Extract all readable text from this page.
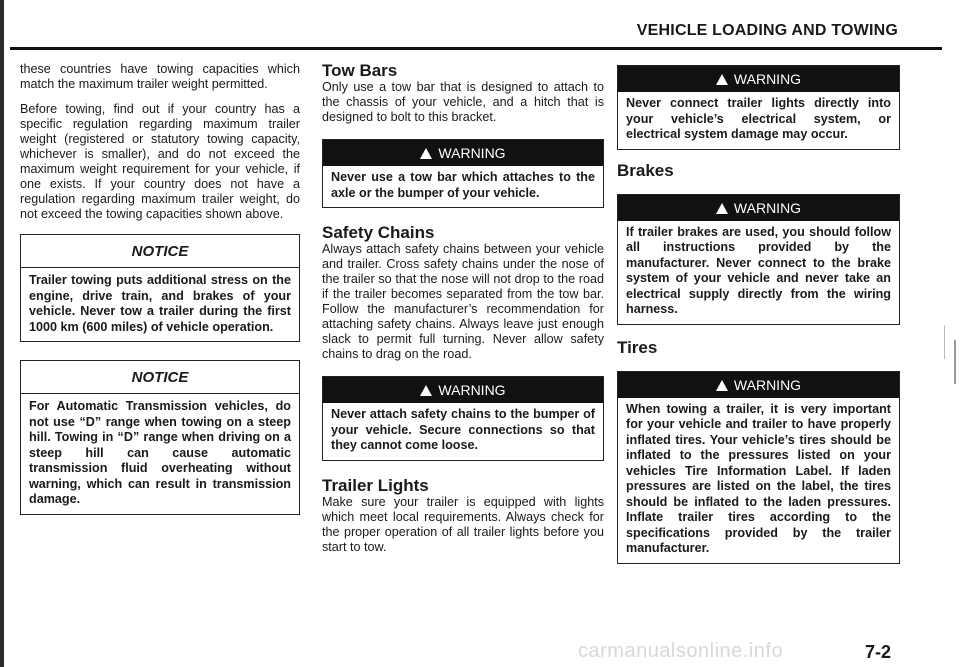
VEHICLE LOADING AND TOWING

these countries have towing capacities which match the maximum trailer weight permitted.

Before towing, find out if your country has a specific regulation regarding maximum trailer weight (registered or statutory towing capacity, whichever is smaller), and do not exceed the maximum weight requirement for your vehicle, if one exists. If your country does not have a regulation regarding maximum trailer weight, do not exceed the towing capacities shown above.

NOTICE
Trailer towing puts additional stress on the engine, drive train, and brakes of your vehicle. Never tow a trailer during the first 1000 km (600 miles) of vehicle operation.
NOTICE
For Automatic Transmission vehicles, do not use “D” range when towing on a steep hill. Towing in “D” range when driving on a steep hill can cause automatic transmission fluid overheating without warning, which can result in transmission damage.
Tow Bars

Only use a tow bar that is designed to attach to the chassis of your vehicle, and a hitch that is designed to bolt to this bracket.

WARNING
Never use a tow bar which attaches to the axle or the bumper of your vehicle.
Safety Chains

Always attach safety chains between your vehicle and trailer. Cross safety chains under the nose of the trailer so that the nose will not drop to the road if the trailer becomes separated from the tow bar. Follow the manufacturer’s recommendation for attaching safety chains. Always leave just enough slack to permit full turning. Never allow safety chains to drag on the road.

WARNING
Never attach safety chains to the bumper of your vehicle. Secure connections so that they cannot come loose.
Trailer Lights

Make sure your trailer is equipped with lights which meet local requirements. Always check for the proper operation of all trailer lights before you start to tow.

WARNING
Never connect trailer lights directly into your vehicle’s electrical system, or electrical system damage may occur.
Brakes
WARNING
If trailer brakes are used, you should follow all instructions provided by the manufacturer. Never connect to the brake system of your vehicle and never take an electrical supply directly from the wiring harness.
Tires
WARNING
When towing a trailer, it is very important for your vehicle and trailer to have properly inflated tires. Your vehicle’s tires should be inflated to the pressures listed on your vehicles Tire Information Label. If laden pressures are listed on the label, the tires should be inflated to the laden pressures. Inflate trailer tires according to the specifications provided by the trailer manufacturer.
carmanualsonline.info	7-2
